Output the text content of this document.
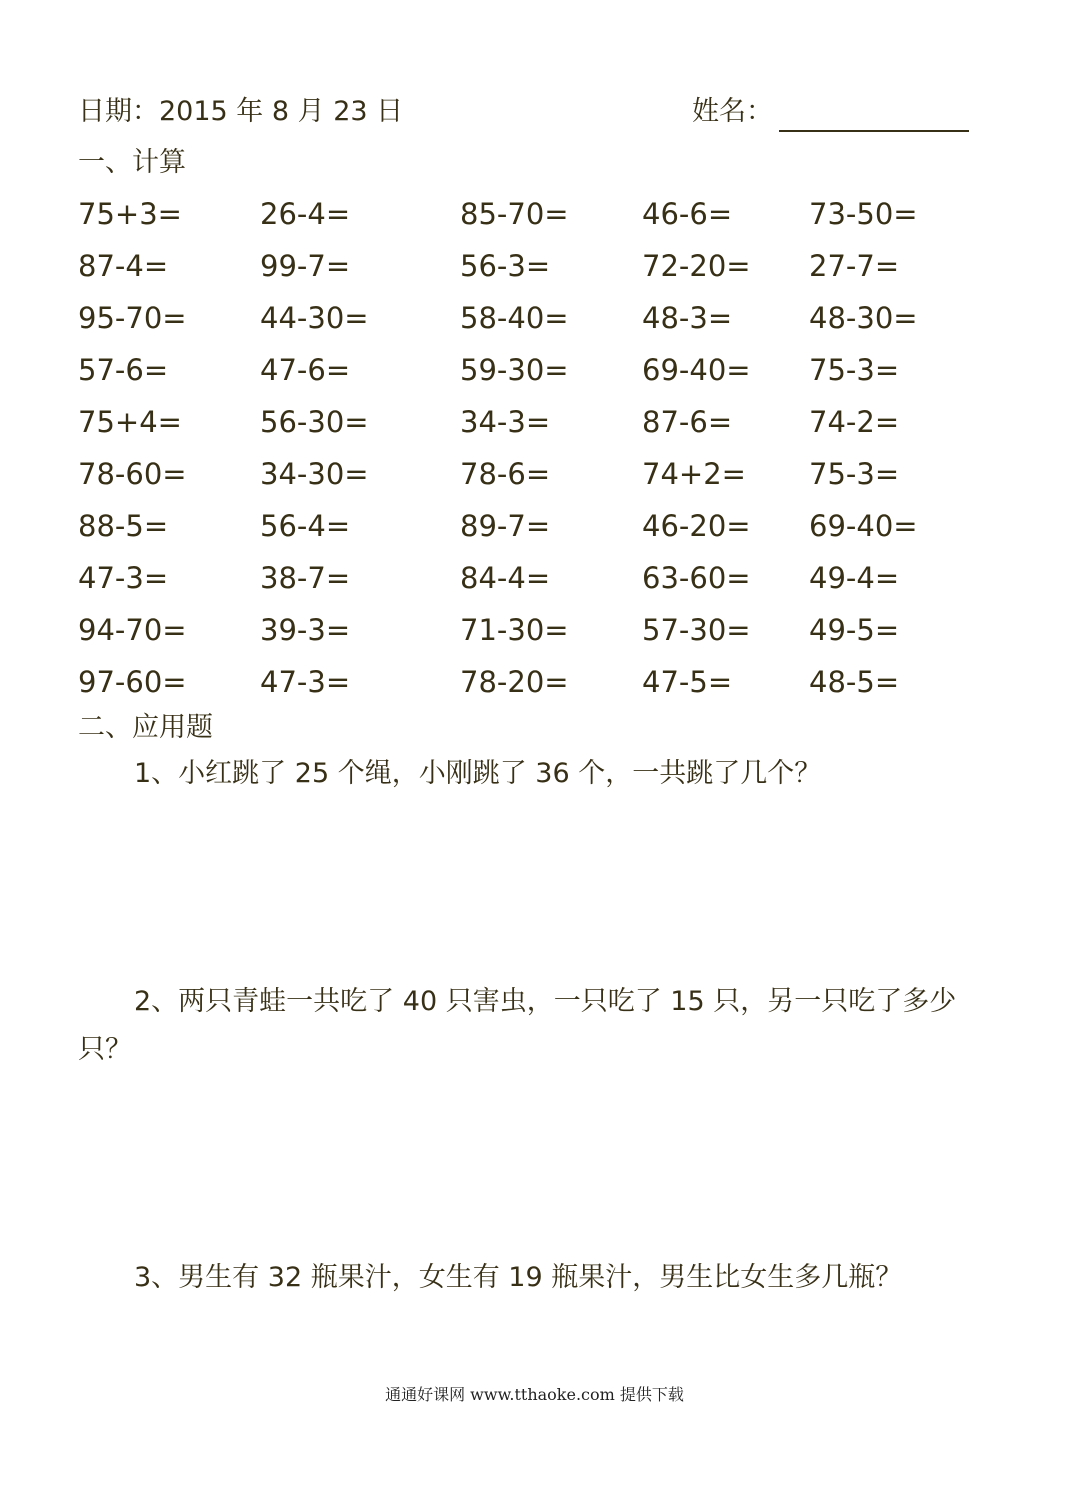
日期：2015 年 8 月 23 日	姓名：
一、计算
75+3=	26-4=	85-70=	46-6=	73-50=
87-4=	99-7=	56-3=	72-20= 27-7=
95-70=	44-30=	58-40=	48-3=	48-30=
57-6=	47-6=	59-30=	69-40= 75-3=
75+4=	56-30=	34-3=	87-6=	74-2=
78-60=	34-30=	78-6=	74+2= 75-3=
88-5=	56-4=	89-7=	46-20= 69-40=
47-3=	38-7=	84-4=	63-60= 49-4=
94-70=	39-3=	71-30=	57-30= 49-5=
97-60=	47-3=	78-20=	47-5=	48-5=
二、应用题
1、小红跳了 25 个绳，小刚跳了 36 个，一共跳了几个？
2、两只青蛙一共吃了 40 只害虫，一只吃了 15 只，另一只吃了多少只？
3、男生有 32 瓶果汁，女生有 19 瓶果汁，男生比女生多几瓶？
通通好课网 www.tthaoke.com 提供下载
